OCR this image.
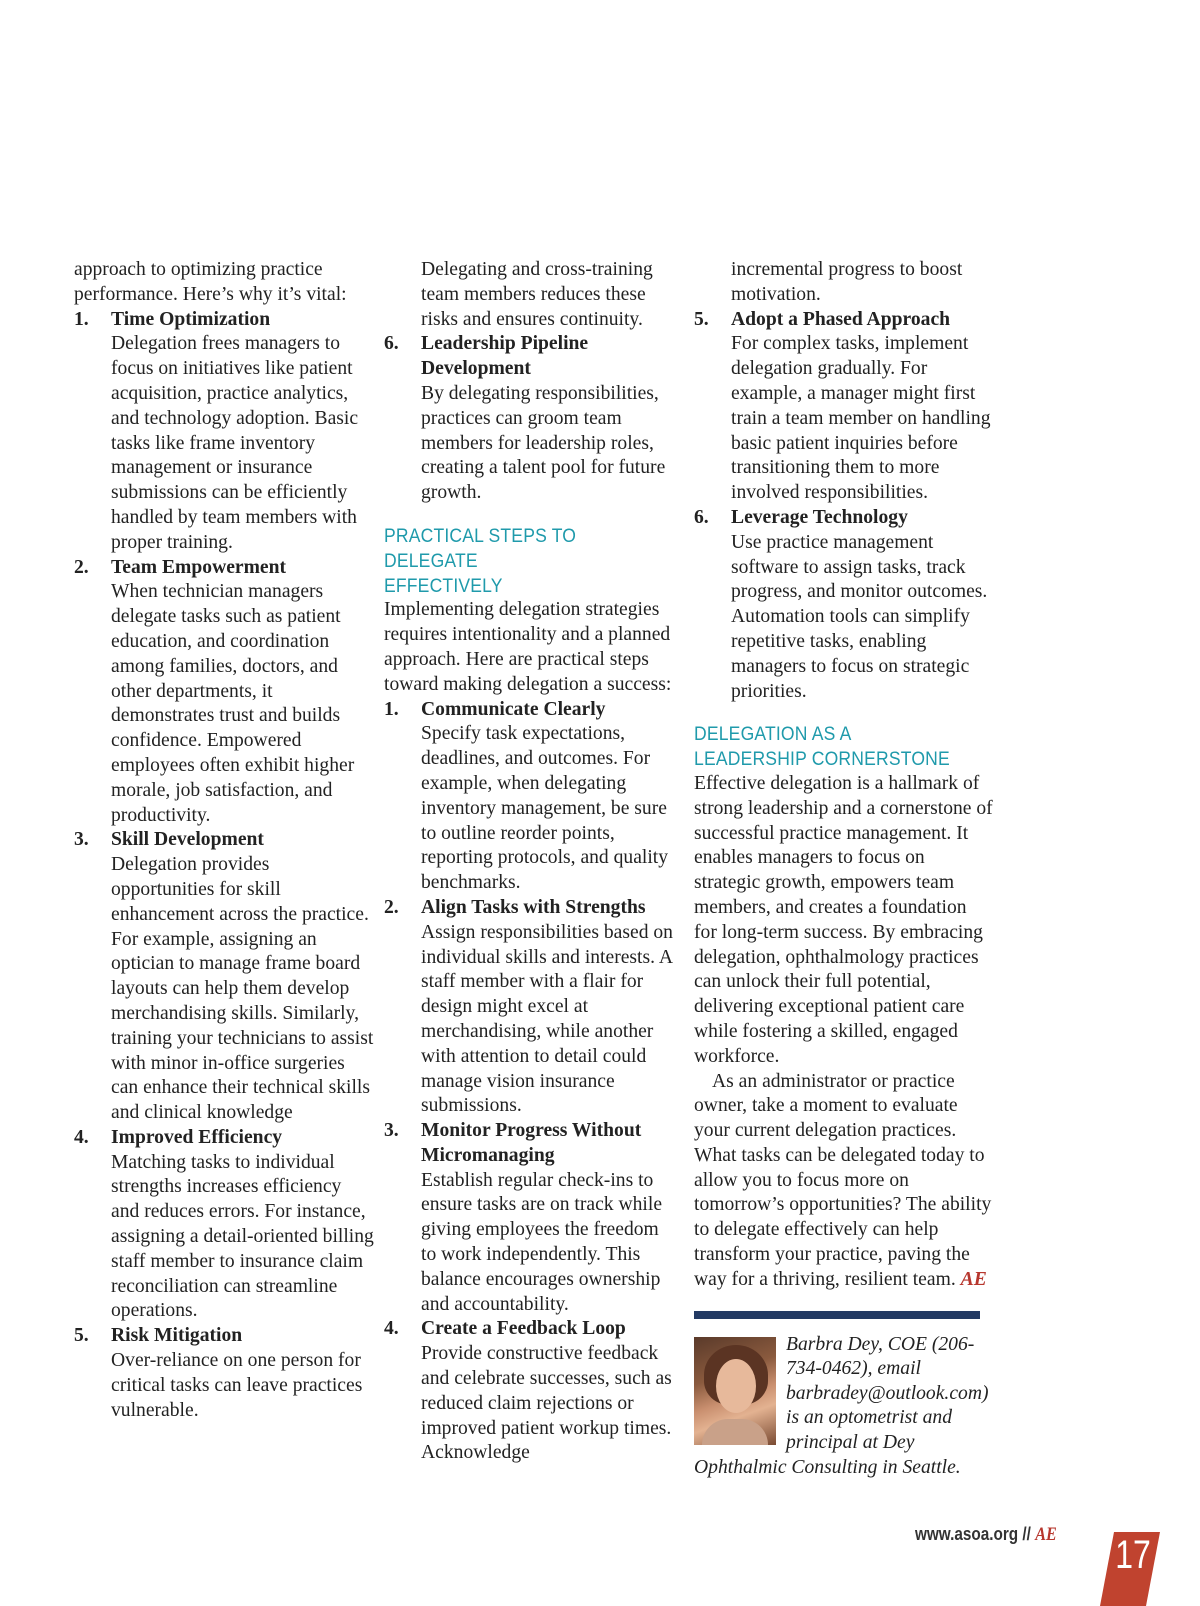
approach to optimizing practice performance. Here’s why it’s vital:

1. Time Optimization
Delegation frees managers to focus on initiatives like patient acquisition, practice analytics, and technology adoption. Basic tasks like frame inventory management or insurance submissions can be efficiently handled by team members with proper training.
2. Team Empowerment
When technician managers delegate tasks such as patient education, and coordination among families, doctors, and other departments, it demonstrates trust and builds confidence. Empowered employees often exhibit higher morale, job satisfaction, and productivity.
3. Skill Development
Delegation provides opportunities for skill enhancement across the practice. For example, assigning an optician to manage frame board layouts can help them develop merchandising skills. Similarly, training your technicians to assist with minor in-office surgeries can enhance their technical skills and clinical knowledge
4. Improved Efficiency
Matching tasks to individual strengths increases efficiency and reduces errors. For instance, assigning a detail-oriented billing staff member to insurance claim reconciliation can streamline operations.
5. Risk Mitigation
Over-reliance on one person for critical tasks can leave practices vulnerable.
Delegating and cross-training team members reduces these risks and ensures continuity.
6. Leadership Pipeline Development
By delegating responsibilities, practices can groom team members for leadership roles, creating a talent pool for future growth.
PRACTICAL STEPS TO DELEGATE EFFECTIVELY

Implementing delegation strategies requires intentionality and a planned approach. Here are practical steps toward making delegation a success:

1. Communicate Clearly
Specify task expectations, deadlines, and outcomes. For example, when delegating inventory management, be sure to outline reorder points, reporting protocols, and quality benchmarks.
2. Align Tasks with Strengths
Assign responsibilities based on individual skills and interests. A staff member with a flair for design might excel at merchandising, while another with attention to detail could manage vision insurance submissions.
3. Monitor Progress Without Micromanaging
Establish regular check-ins to ensure tasks are on track while giving employees the freedom to work independently. This balance encourages ownership and accountability.
4. Create a Feedback Loop
Provide constructive feedback and celebrate successes, such as reduced claim rejections or improved patient workup times. Acknowledge
incremental progress to boost motivation.
5. Adopt a Phased Approach
For complex tasks, implement delegation gradually. For example, a manager might first train a team member on handling basic patient inquiries before transitioning them to more involved responsibilities.
6. Leverage Technology
Use practice management software to assign tasks, track progress, and monitor outcomes. Automation tools can simplify repetitive tasks, enabling managers to focus on strategic priorities.
DELEGATION AS A LEADERSHIP CORNERSTONE

Effective delegation is a hallmark of strong leadership and a cornerstone of successful practice management. It enables managers to focus on strategic growth, empowers team members, and creates a foundation for long-term success. By embracing delegation, ophthalmology practices can unlock their full potential, delivering exceptional patient care while fostering a skilled, engaged workforce.

As an administrator or practice owner, take a moment to evaluate your current delegation practices. What tasks can be delegated today to allow you to focus more on tomorrow’s opportunities? The ability to delegate effectively can help transform your practice, paving the way for a thriving, resilient team. AE

Barbra Dey, COE (206-734-0462), email barbradey@outlook.com) is an optometrist and principal at Dey Ophthalmic Consulting in Seattle.
www.asoa.org // AE 17
